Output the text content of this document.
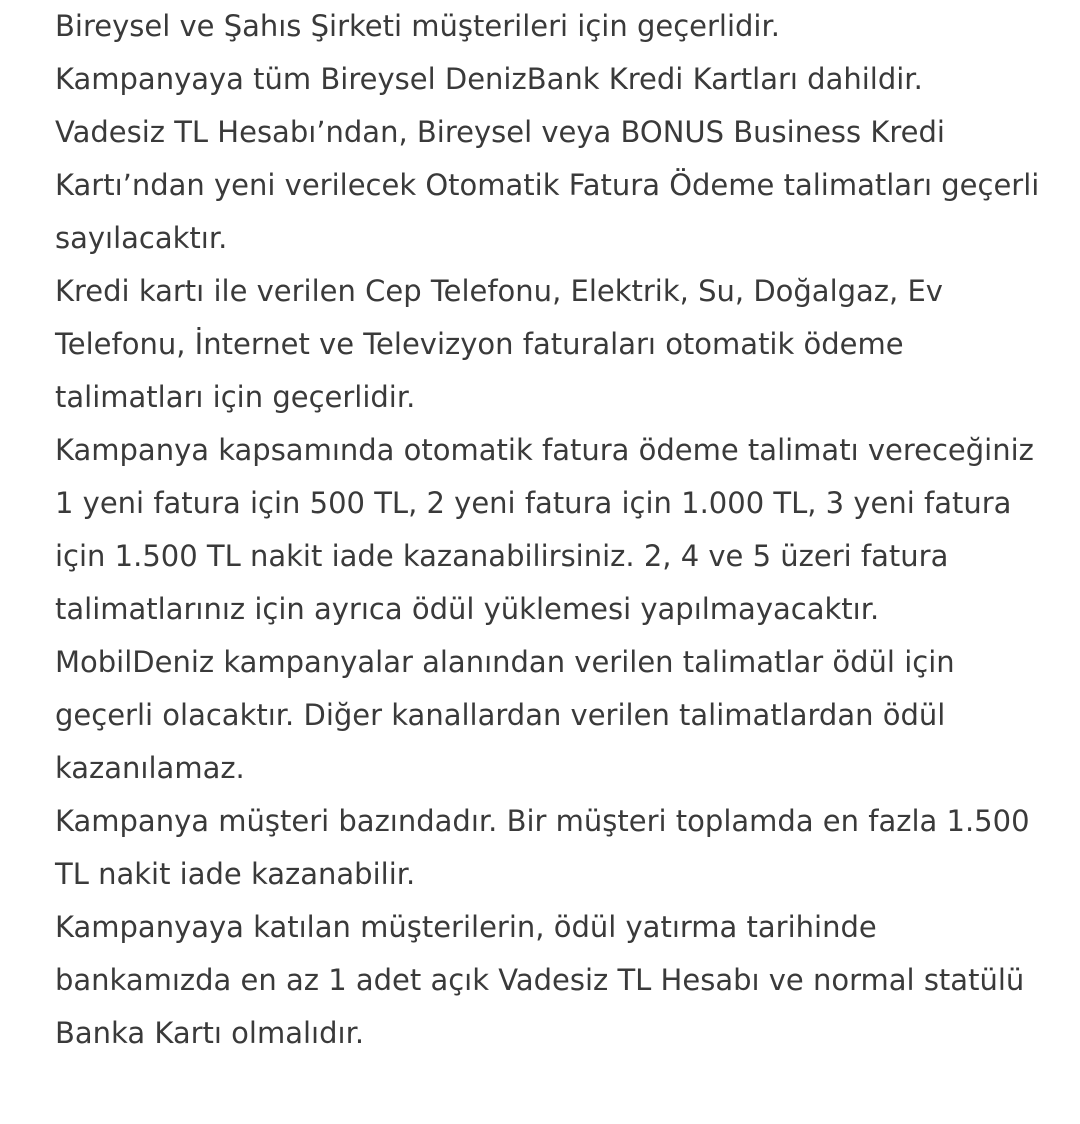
Bireysel ve Şahıs Şirketi müşterileri için geçerlidir.

Kampanyaya tüm Bireysel DenizBank Kredi Kartları dahildir.

Vadesiz TL Hesabı’ndan, Bireysel veya BONUS Business Kredi Kartı’ndan yeni verilecek Otomatik Fatura Ödeme talimatları geçerli sayılacaktır.

Kredi kartı ile verilen Cep Telefonu, Elektrik, Su, Doğalgaz, Ev Telefonu, İnternet ve Televizyon faturaları otomatik ödeme talimatları için geçerlidir.

Kampanya kapsamında otomatik fatura ödeme talimatı vereceğiniz 1 yeni fatura için 500 TL, 2 yeni fatura için 1.000 TL, 3 yeni fatura için 1.500 TL nakit iade kazanabilirsiniz. 2, 4 ve 5 üzeri fatura talimatlarınız için ayrıca ödül yüklemesi yapılmayacaktır.

MobilDeniz kampanyalar alanından verilen talimatlar ödül için geçerli olacaktır. Diğer kanallardan verilen talimatlardan ödül kazanılamaz.

Kampanya müşteri bazındadır. Bir müşteri toplamda en fazla 1.500 TL nakit iade kazanabilir.

Kampanyaya katılan müşterilerin, ödül yatırma tarihinde bankamızda en az 1 adet açık Vadesiz TL Hesabı ve normal statülü Banka Kartı olmalıdır.
